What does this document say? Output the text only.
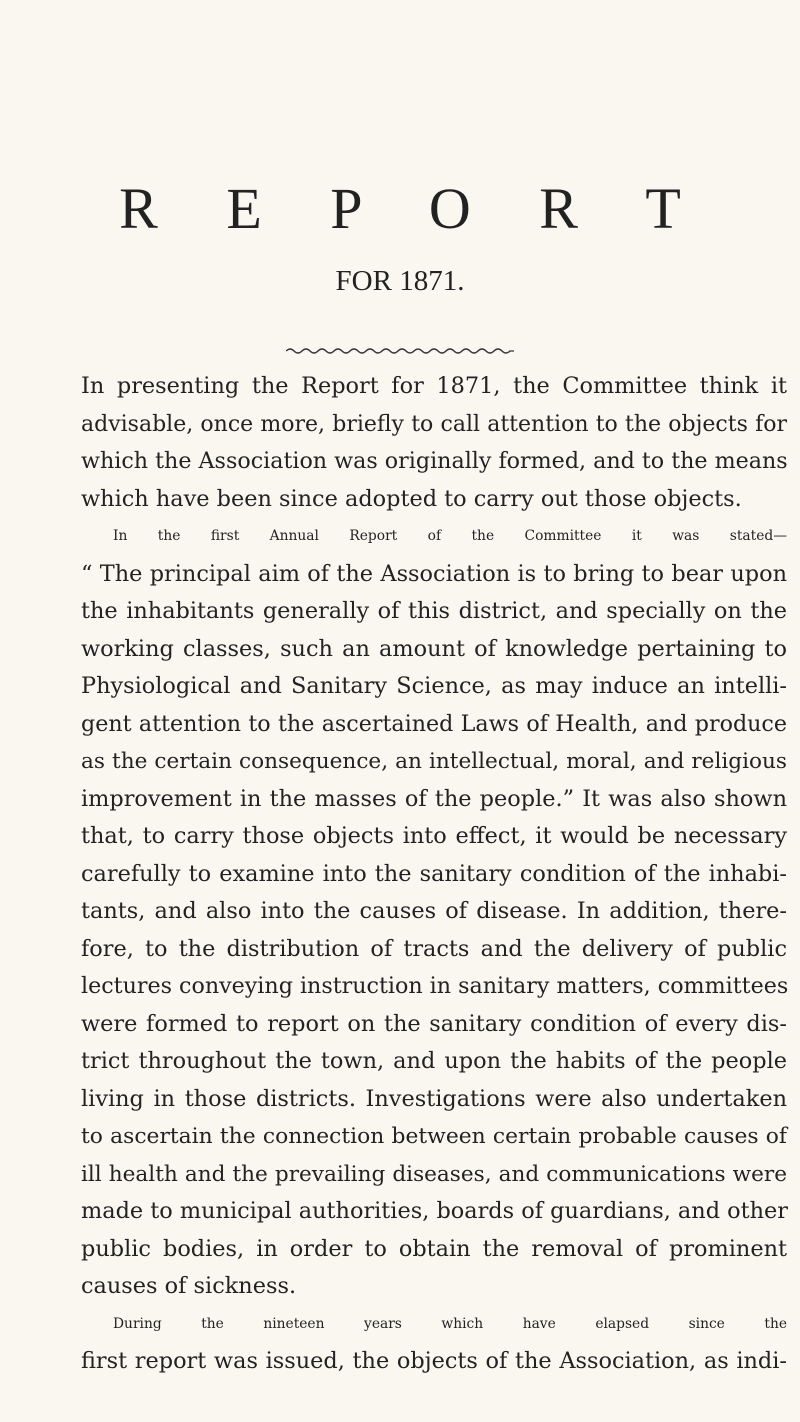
R E P O R T
FOR 1871.
In presenting the Report for 1871, the Committee think it
advisable, once more, briefly to call attention to the objects for
which the Association was originally formed, and to the means
which have been since adopted to carry out those objects.
In the first Annual Report of the Committee it was stated—
“ The principal aim of the Association is to bring to bear upon
the inhabitants generally of this district, and specially on the
working classes, such an amount of knowledge pertaining to
Physiological and Sanitary Science, as may induce an intelli-
gent attention to the ascertained Laws of Health, and produce
as the certain consequence, an intellectual, moral, and religious
improvement in the masses of the people.” It was also shown
that, to carry those objects into effect, it would be necessary
carefully to examine into the sanitary condition of the inhabi-
tants, and also into the causes of disease. In addition, there-
fore, to the distribution of tracts and the delivery of public
lectures conveying instruction in sanitary matters, committees
were formed to report on the sanitary condition of every dis-
trict throughout the town, and upon the habits of the people
living in those districts. Investigations were also undertaken
to ascertain the connection between certain probable causes of
ill health and the prevailing diseases, and communications were
made to municipal authorities, boards of guardians, and other
public bodies, in order to obtain the removal of prominent
causes of sickness.
During the nineteen years which have elapsed since the
first report was issued, the objects of the Association, as indi-
